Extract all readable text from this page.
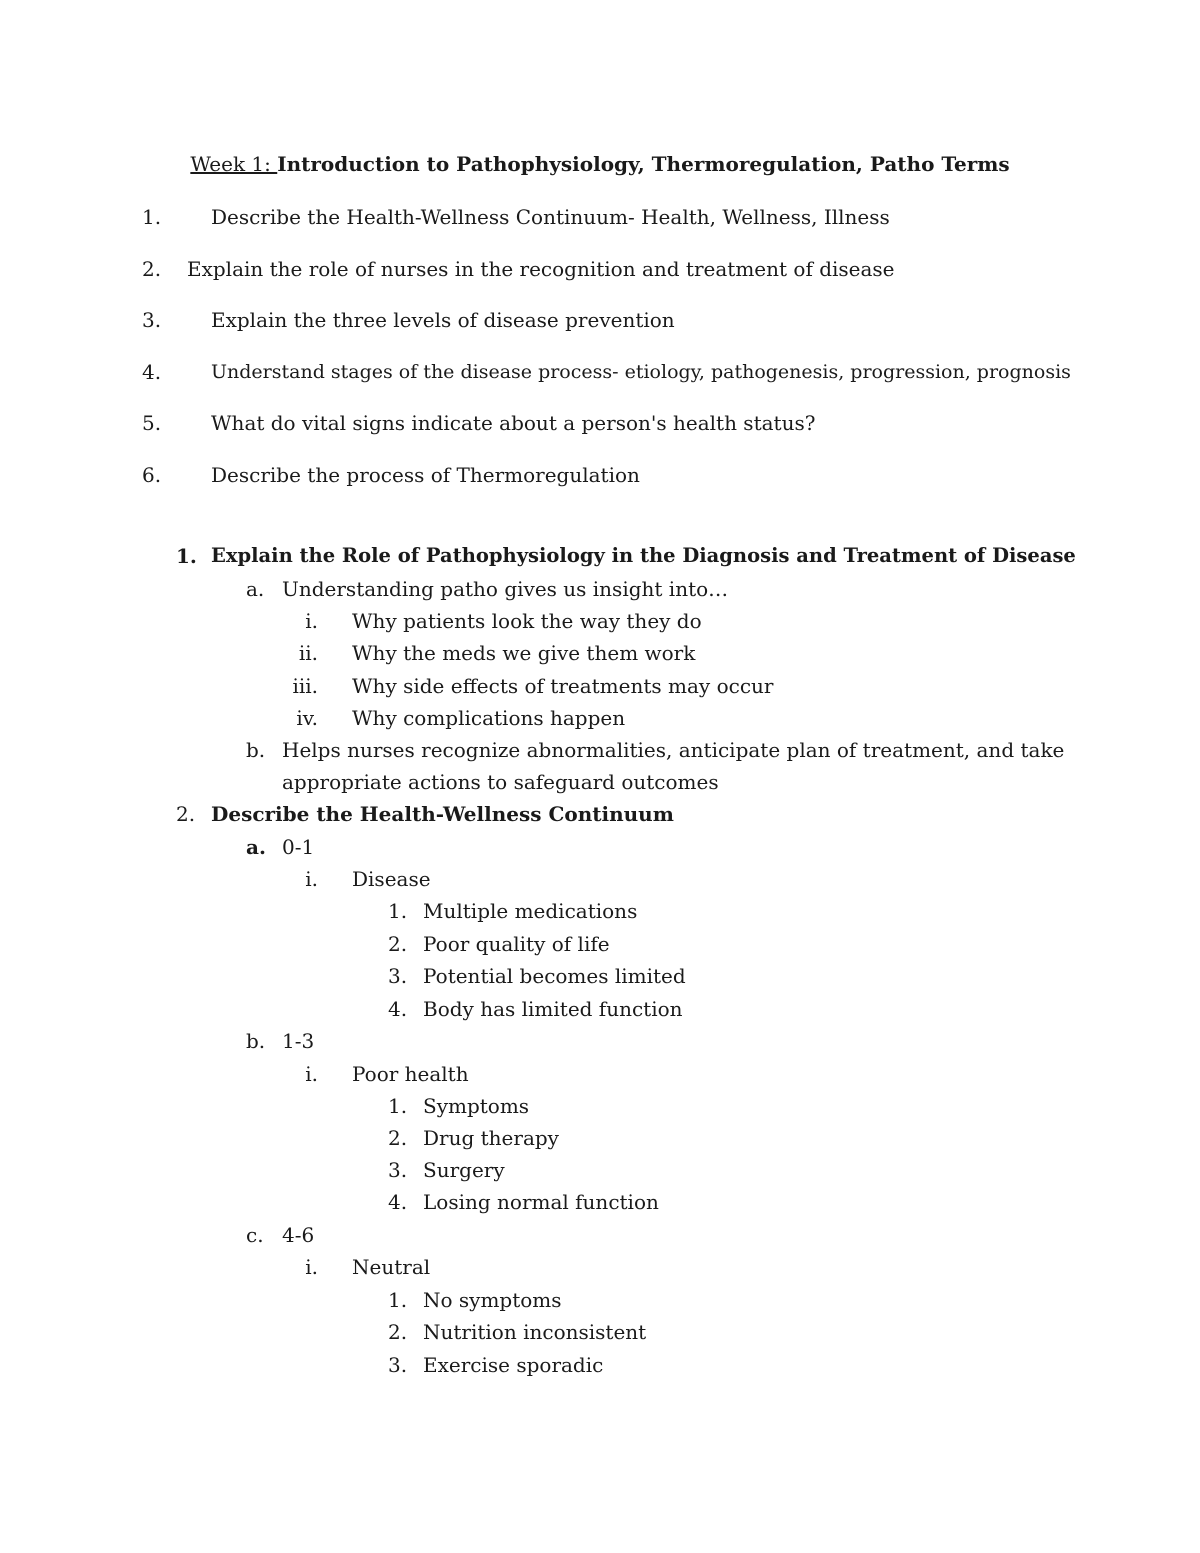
Week 1: Introduction to Pathophysiology, Thermoregulation, Patho Terms
1. Describe the Health-Wellness Continuum- Health, Wellness, Illness
2. Explain the role of nurses in the recognition and treatment of disease
3. Explain the three levels of disease prevention
4.	Understand stages of the disease process- etiology, pathogenesis, progression, prognosis
5. What do vital signs indicate about a person's health status?
6. Describe the process of Thermoregulation
1. Explain the Role of Pathophysiology in the Diagnosis and Treatment of Disease
a. Understanding patho gives us insight into…
i. Why patients look the way they do
ii. Why the meds we give them work
iii. Why side effects of treatments may occur
iv. Why complications happen
b. Helps nurses recognize abnormalities, anticipate plan of treatment, and take
appropriate actions to safeguard outcomes
2. Describe the Health-Wellness Continuum
a. 0-1
i. Disease
1. Multiple medications
2. Poor quality of life
3. Potential becomes limited
4. Body has limited function
b. 1-3
i. Poor health
1. Symptoms
2. Drug therapy
3. Surgery
4. Losing normal function
c. 4-6
i. Neutral
1. No symptoms
2. Nutrition inconsistent
3. Exercise sporadic
